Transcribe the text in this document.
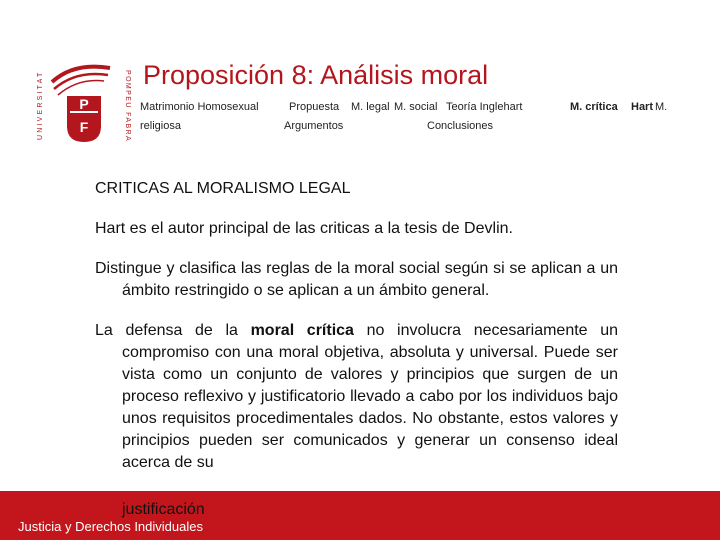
P
F
UNIVERSITAT	POMPEU FABRA Proposición 8: Análisis moral
Matrimonio Homosexual	Propuesta M. legal M. social Teoría Inglehart	M. crítica Hart M.
religiosa	Argumentos	Conclusiones
CRITICAS AL MORALISMO LEGAL

Hart es el autor principal de las criticas a la tesis de Devlin.

Distingue y clasifica las reglas de la moral social según si se aplican a un ámbito restringido o se aplican a un ámbito general.

La defensa de la moral crítica no involucra necesariamente un compromiso con una moral objetiva, absoluta y universal. Puede ser vista como un conjunto de valores y principios que surgen de un proceso reflexivo y justificatorio llevado a cabo por los individuos bajo unos requisitos procedimentales dados. No obstante, estos valores y principios pueden ser comunicados y generar un consenso ideal acerca de su

Justicia y Derechos Individuales
justificación
